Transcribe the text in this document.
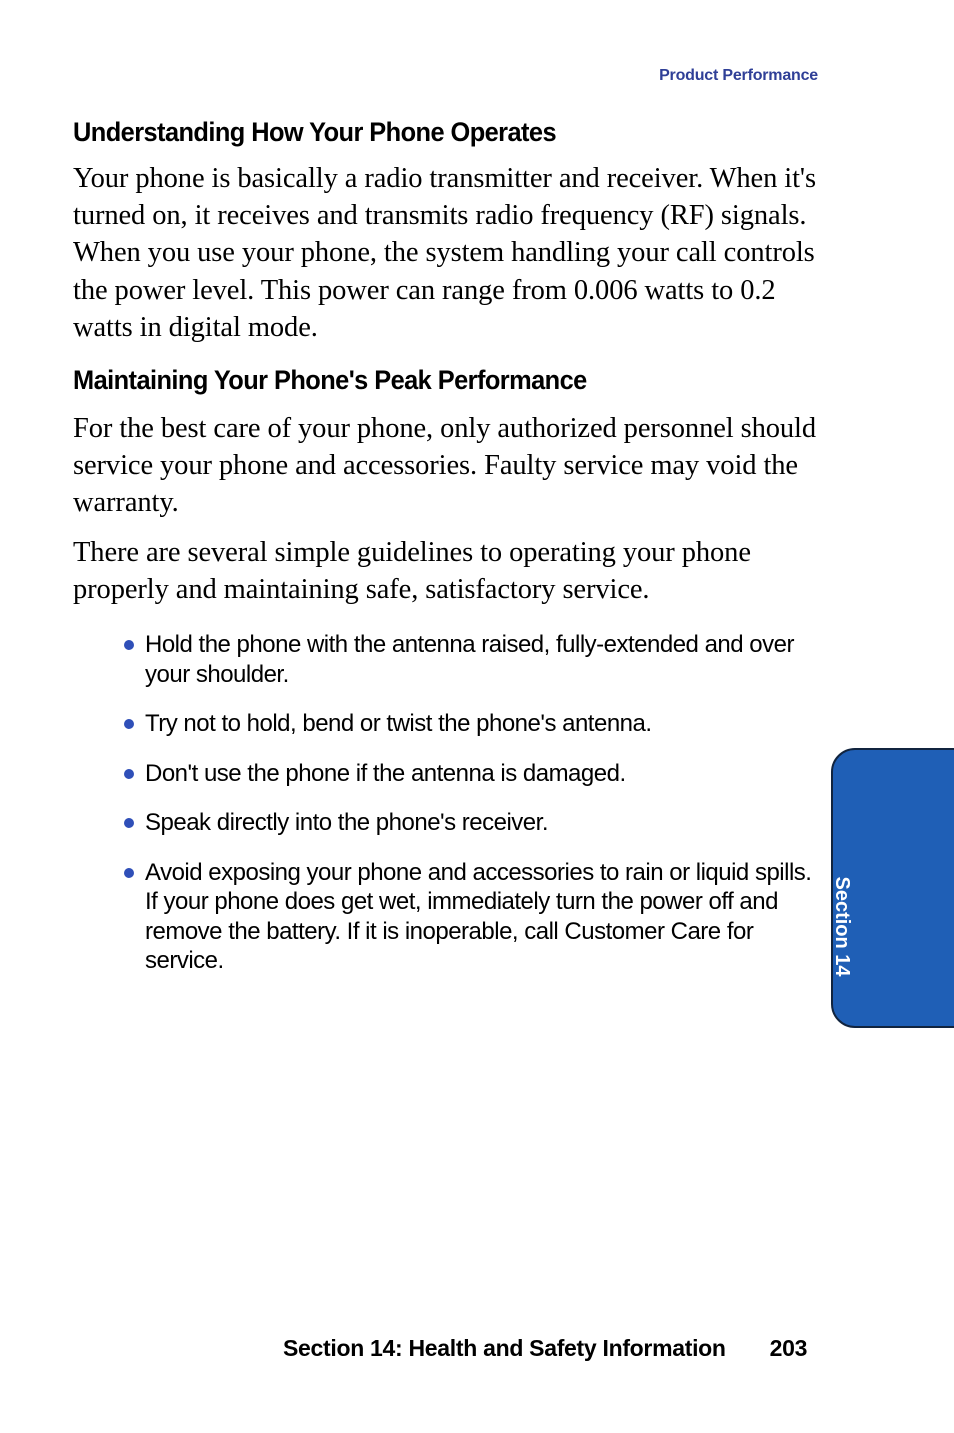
Product Performance
Understanding How Your Phone Operates

Your phone is basically a radio transmitter and receiver. When it's turned on, it receives and transmits radio frequency (RF) signals. When you use your phone, the system handling your call controls the power level. This power can range from 0.006 watts to 0.2 watts in digital mode.

Maintaining Your Phone's Peak Performance

For the best care of your phone, only authorized personnel should service your phone and accessories. Faulty service may void the warranty.

There are several simple guidelines to operating your phone properly and maintaining safe, satisfactory service.

Hold the phone with the antenna raised, fully-extended and over your shoulder.
Try not to hold, bend or twist the phone's antenna.
Don't use the phone if the antenna is damaged.
Speak directly into the phone's receiver.
Avoid exposing your phone and accessories to rain or liquid spills. If your phone does get wet, immediately turn the power off and remove the battery. If it is inoperable, call Customer Care for service.	Section 14
Section 14: Health and Safety Information 203
